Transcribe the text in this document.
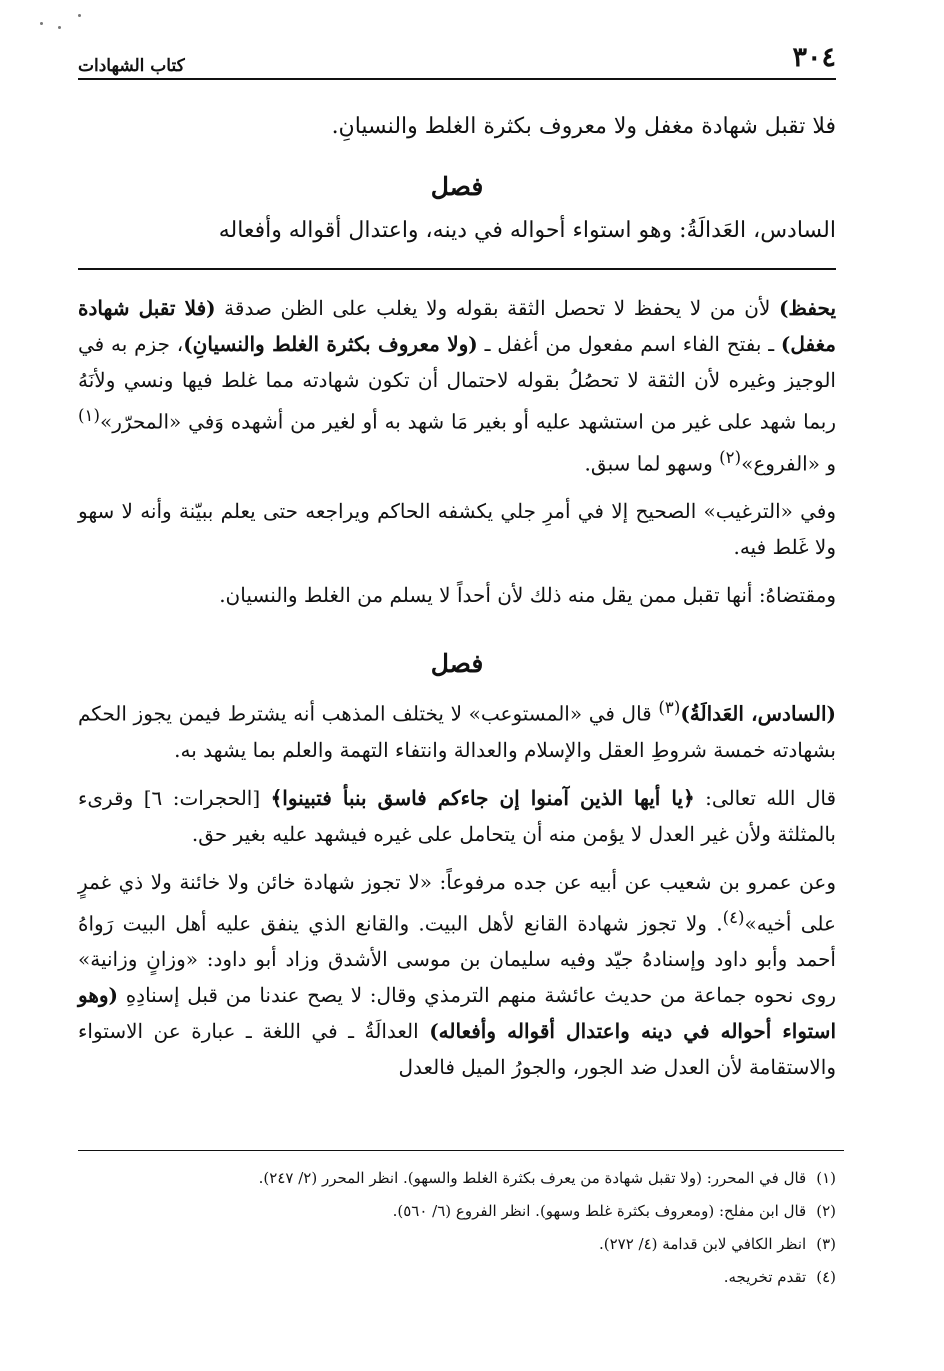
٣٠٤
كتاب الشهادات
فلا تقبل شهادة مغفل ولا معروف بكثرة الغلط والنسيانِ.
فصل
السادس، العَدالَةُ: وهو استواء أحواله في دينه، واعتدال أقواله وأفعاله

يحفظ) لأن من لا يحفظ لا تحصل الثقة بقوله ولا يغلب على الظن صدقة (فلا تقبل شهادة مغفل) ـ بفتح الفاء اسم مفعول من أغفل ـ (ولا معروف بكثرة الغلط والنسيانِ)، جزم به في الوجيز وغيره لأن الثقة لا تحصُلُ بقوله لاحتمال أن تكون شهادته مما غلط فيها ونسي ولأنَهُ ربما شهد على غير من استشهد عليه أو بغير مَا شهد به أو لغير من أشهده وَفي «المحرّر»$^{(١)}$ و «الفروع»$^{(٢)}$ وسهو لما سبق.

وفي «الترغيب» الصحيح إلا في أمرِ جلي يكشفه الحاكم ويراجعه حتى يعلم ببيّنة وأنه لا سهو ولا غَلط فيه.

ومقتضاهُ: أنها تقبل ممن يقل منه ذلك لأن أحداً لا يسلم من الغلط والنسيان.

فصل

(السادس، العَدالَةُ)$^{(٣)}$ قال في «المستوعب» لا يختلف المذهب أنه يشترط فيمن يجوز الحكم بشهادته خمسة شروطِ العقل والإسلام والعدالة وانتفاء التهمة والعلم بما يشهد به.

قال الله تعالى: ﴿يا أيها الذين آمنوا إن جاءكم فاسق بنبأ فتبينوا﴾ [الحجرات: ٦] وقرىء بالمثلثة ولأن غير العدل لا يؤمن منه أن يتحامل على غيره فيشهد عليه بغير حق.

وعن عمرو بن شعيب عن أبيه عن جده مرفوعاً: «لا تجوز شهادة خائن ولا خائنة ولا ذي غمرٍ على أخيه»$^{(٤)}$. ولا تجوز شهادة القانع لأهل البيت. والقانع الذي ينفق عليه أهل البيت رَواهُ أحمد وأبو داود وإسنادهُ جيّد وفيه سليمان بن موسى الأشدق وزاد أبو داود: «وزانٍ وزانية» روى نحوه جماعة من حديث عائشة منهم الترمذي وقال: لا يصح عندنا من قبل إسنادِهِ (وهو استواء أحواله في دينه واعتدال أقواله وأفعاله) العدالَةُ ـ في اللغة ـ عبارة عن الاستواء والاستقامة لأن العدل ضد الجور، والجورُ الميل فالعدل

(١)قال في المحرر: (ولا تقبل شهادة من يعرف بكثرة الغلط والسهو). انظر المحرر (٢/ ٢٤٧).
(٢)قال ابن مفلح: (ومعروف بكثرة غلط وسهو). انظر الفروع (٦/ ٥٦٠).
(٣)انظر الكافي لابن قدامة (٤/ ٢٧٢).
(٤)تقدم تخريجه.
